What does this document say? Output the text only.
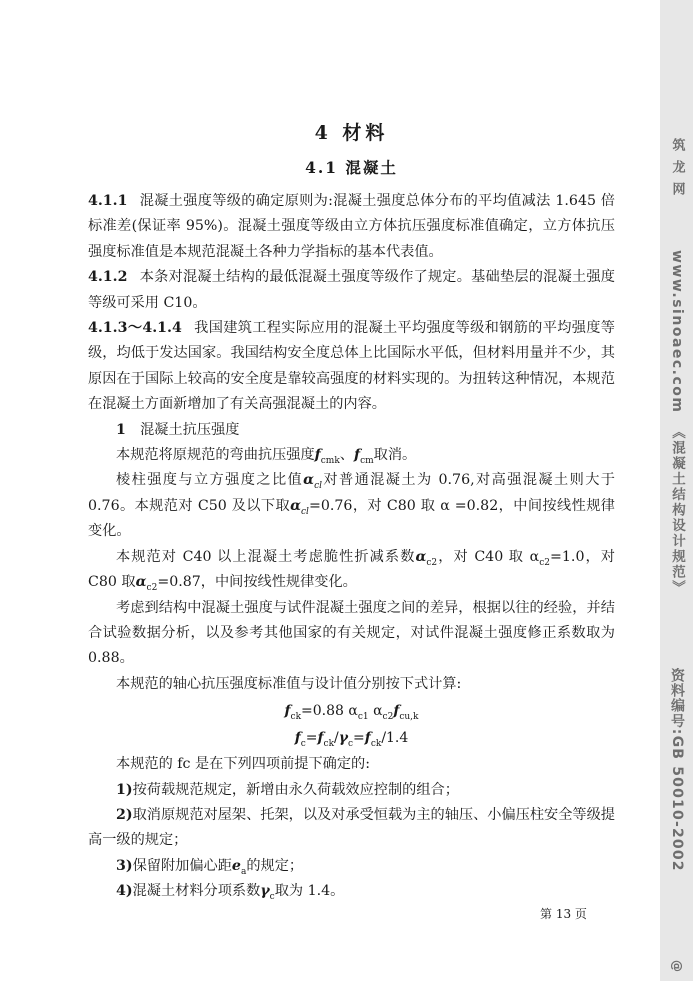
4 材料
4.1 混凝土

4.1.1 混凝土强度等级的确定原则为:混凝土强度总体分布的平均值减法 1.645 倍标准差(保证率 95%)。混凝土强度等级由立方体抗压强度标准值确定，立方体抗压强度标准值是本规范混凝土各种力学指标的基本代表值。

4.1.2 本条对混凝土结构的最低混凝土强度等级作了规定。基础垫层的混凝土强度等级可采用 C10。

4.1.3～4.1.4 我国建筑工程实际应用的混凝土平均强度等级和钢筋的平均强度等级，均低于发达国家。我国结构安全度总体上比国际水平低，但材料用量并不少，其原因在于国际上较高的安全度是靠较高强度的材料实现的。为扭转这种情况，本规范在混凝土方面新增加了有关高强混凝土的内容。

1　 混凝土抗压强度

本规范将原规范的弯曲抗压强度$f_{cmk}$、$f_{cm}$取消。

棱柱强度与立方强度之比值$\alpha_{cl}$对普通混凝土为 0.76,对高强混凝土则大于 0.76。本规范对 C50 及以下取$\alpha_{cl}=0.76$，对 C80 取 α =0.82，中间按线性规律变化。

本规范对 C40 以上混凝土考虑脆性折减系数$\alpha_{c2}$，对 C40 取 $\alpha_{c2}=1.0$，对 C80 取$\alpha_{c2}=0.87$，中间按线性规律变化。

考虑到结构中混凝土强度与试件混凝土强度之间的差异，根据以往的经验，并结合试验数据分析，以及参考其他国家的有关规定，对试件混凝土强度修正系数取为 0.88。

本规范的轴心抗压强度标准值与设计值分别按下式计算:

$f_{ck}=0.88$ $\alpha_{c1}$ $\alpha_{c2}f_{cu,k}$
$f_c=f_{ck}/\gamma_c=f_{ck}/1.4$

本规范的 fc 是在下列四项前提下确定的:

1)按荷载规范规定，新增由永久荷载效应控制的组合；

2)取消原规范对屋架、托架，以及对承受恒载为主的轴压、小偏压柱安全等级提高一级的规定；

3)保留附加偏心距$e_a$的规定；

4)混凝土材料分项系数$\gamma_c$取为 1.4。

第 13 页
筑龙网
www.sinoaec.com
《混凝土结构设计规范》
资料编号:GB 50010-2002
@
